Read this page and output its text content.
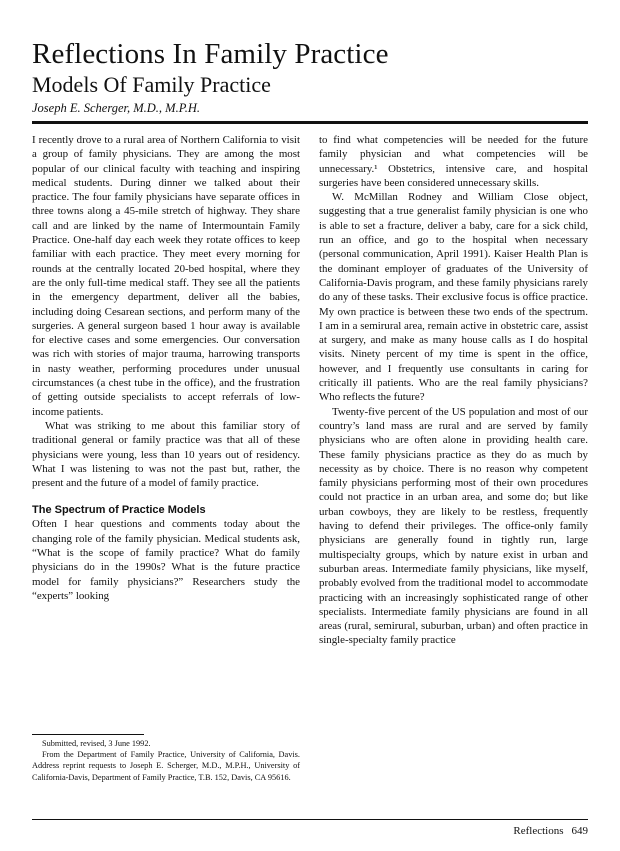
Reflections In Family Practice
Models Of Family Practice
Joseph E. Scherger, M.D., M.P.H.

I recently drove to a rural area of Northern California to visit a group of family physicians. They are among the most popular of our clinical faculty with teaching and inspiring medical students. During dinner we talked about their practice. The four family physicians have separate offices in three towns along a 45-mile stretch of highway. They share call and are linked by the name of Intermountain Family Practice. One-half day each week they rotate offices to keep familiar with each practice. They meet every morning for rounds at the centrally located 20-bed hospital, where they are the only full-time medical staff. They see all the patients in the emergency department, deliver all the babies, including doing Cesarean sections, and perform many of the surgeries. A general surgeon based 1 hour away is available for elective cases and some emergencies. Our conversation was rich with stories of major trauma, harrowing transports in nasty weather, performing procedures under unusual circumstances (a chest tube in the office), and the frustration of getting outside specialists to accept referrals of low-income patients.

What was striking to me about this familiar story of traditional general or family practice was that all of these physicians were young, less than 10 years out of residency. What I was listening to was not the past but, rather, the present and the future of a model of family practice.

The Spectrum of Practice Models

Often I hear questions and comments today about the changing role of the family physician. Medical students ask, “What is the scope of family practice? What do family physicians do in the 1990s? What is the future practice model for family physicians?” Researchers study the “experts” looking

to find what competencies will be needed for the future family physician and what competencies will be unnecessary.¹ Obstetrics, intensive care, and hospital surgeries have been considered unnecessary skills.

W. McMillan Rodney and William Close object, suggesting that a true generalist family physician is one who is able to set a fracture, deliver a baby, care for a sick child, run an office, and go to the hospital when necessary (personal communication, April 1991). Kaiser Health Plan is the dominant employer of graduates of the University of California-Davis program, and these family physicians rarely do any of these tasks. Their exclusive focus is office practice. My own practice is between these two ends of the spectrum. I am in a semirural area, remain active in obstetric care, assist at surgery, and make as many house calls as I do hospital visits. Ninety percent of my time is spent in the office, however, and I frequently use consultants in caring for critically ill patients. Who are the real family physicians? Who reflects the future?

Twenty-five percent of the US population and most of our country’s land mass are rural and are served by family physicians who are often alone in providing health care. These family physicians practice as they do as much by necessity as by choice. There is no reason why competent family physicians performing most of their own procedures could not practice in an urban area, and some do; but like urban cowboys, they are likely to be restless, frequently having to defend their privileges. The office-only family physicians are generally found in tightly run, large multispecialty groups, which by nature exist in urban and suburban areas. Intermediate family physicians, like myself, probably evolved from the traditional model to accommodate practicing with an increasingly sophisticated range of other specialists. Intermediate family physicians are found in all areas (rural, semirural, suburban, urban) and often practice in single-specialty family practice

Submitted, revised, 3 June 1992.

From the Department of Family Practice, University of California, Davis. Address reprint requests to Joseph E. Scherger, M.D., M.P.H., University of California-Davis, Department of Family Practice, T.B. 152, Davis, CA 95616.

Reflections 649
